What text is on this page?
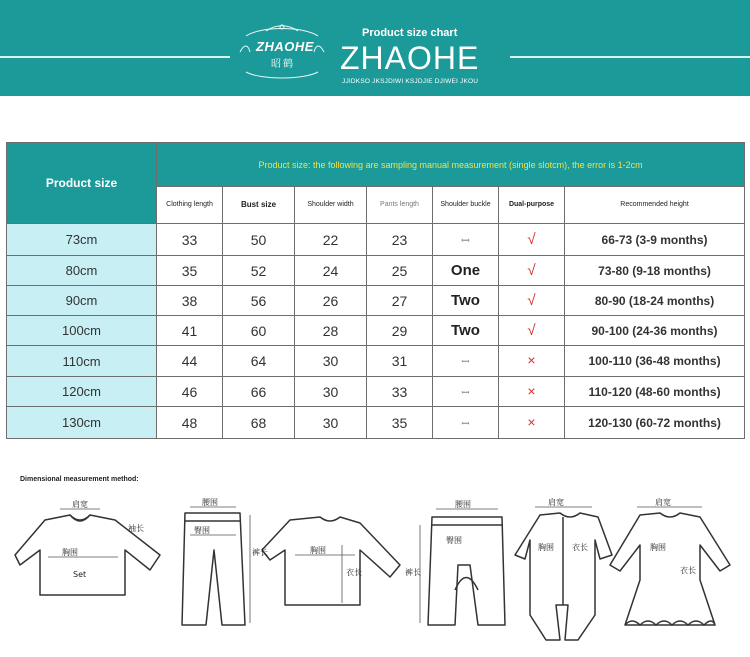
ZHAOHE
昭鹤
Product size chart
ZHAOHE
JJIDKSO JKSJDIWI KSJDJIE DJIWEI JKOU
Product size	Product size: the following are sampling manual measurement (single slotcm), the error is 1-2cm						
	Clothing length	Bust size	Shoulder width	Pants length	Shoulder buckle	Dual-purpose	Recommended height
73cm	33	50	22	23	ꟷ	√	66-73 (3-9 months)
80cm	35	52	24	25	One	√	73-80 (9-18 months)
90cm	38	56	26	27	Two	√	80-90 (18-24 months)
100cm	41	60	28	29	Two	√	90-100 (24-36 months)
110cm	44	64	30	31	ꟷ	×	100-110 (36-48 months)
120cm	46	66	30	33	ꟷ	×	110-120 (48-60 months)
130cm	48	68	30	35	ꟷ	×	120-130 (60-72 months)
Dimensional measurement method:
肩宽
袖长
胸围
Set
腰围
臀围
裤长	胸围
衣长
腰围
臀围
裤长
肩宽
胸围 衣长
肩宽
胸围
衣长
